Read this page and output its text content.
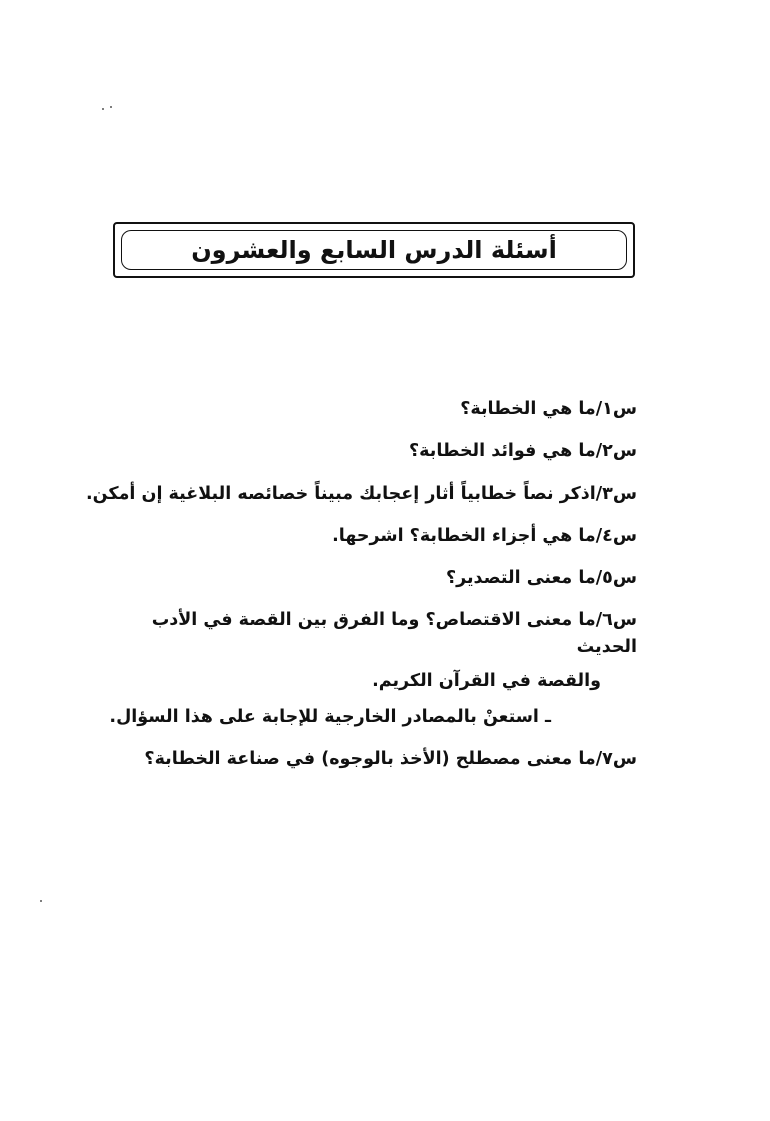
أسئلة الدرس السابع والعشرون
س١/ما هي الخطابة؟
س٢/ما هي فوائد الخطابة؟
س٣/اذكر نصاً خطابياً أثار إعجابك مبيناً خصائصه البلاغية إن أمكن.
س٤/ما هي أجزاء الخطابة؟ اشرحها.
س٥/ما معنى التصدير؟
س٦/ما معنى الاقتصاص؟ وما الفرق بين القصة في الأدب الحديث
والقصة في القرآن الكريم.
ـ استعنْ بالمصادر الخارجية للإجابة على هذا السؤال.
س٧/ما معنى مصطلح (الأخذ بالوجوه) في صناعة الخطابة؟
